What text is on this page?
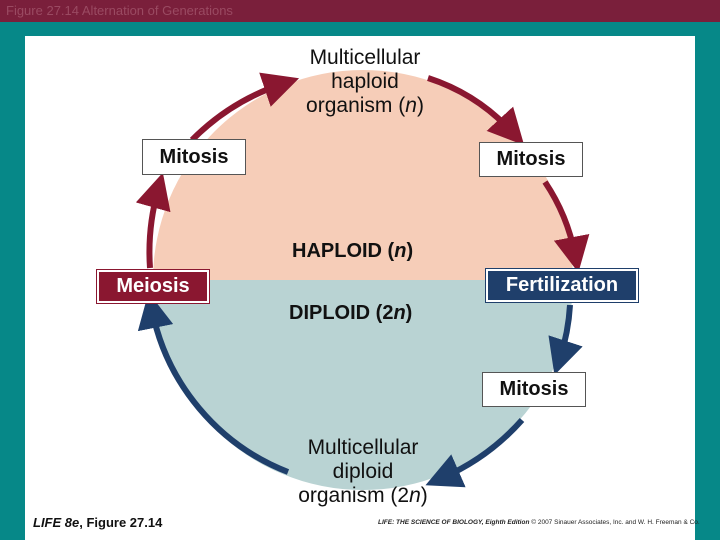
Figure 27.14 Alternation of Generations
Multicellular
haploid
organism (n)
Multicellular
diploid
organism (2n)
HAPLOID (n)
DIPLOID (2n)
Mitosis	Mitosis
Mitosis
Meiosis	Fertilization
LIFE 8e, Figure 27.14	LIFE: THE SCIENCE OF BIOLOGY, Eighth Edition © 2007 Sinauer Associates, Inc. and W. H. Freeman & Co.
